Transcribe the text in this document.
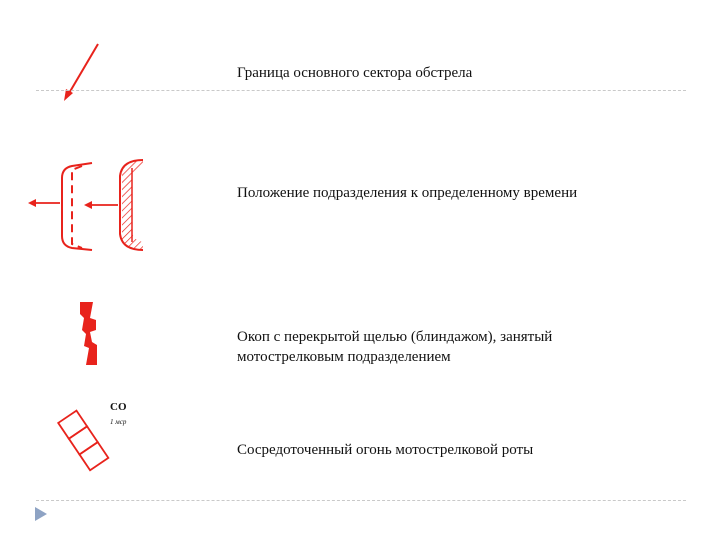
СО
1 мср

Граница основного сектора обстрела

Положение подразделения к определенному времени

Окоп с перекрытой щелью (блиндажом), занятый

мотострелковым подразделением

Сосредоточенный огонь мотострелковой роты
